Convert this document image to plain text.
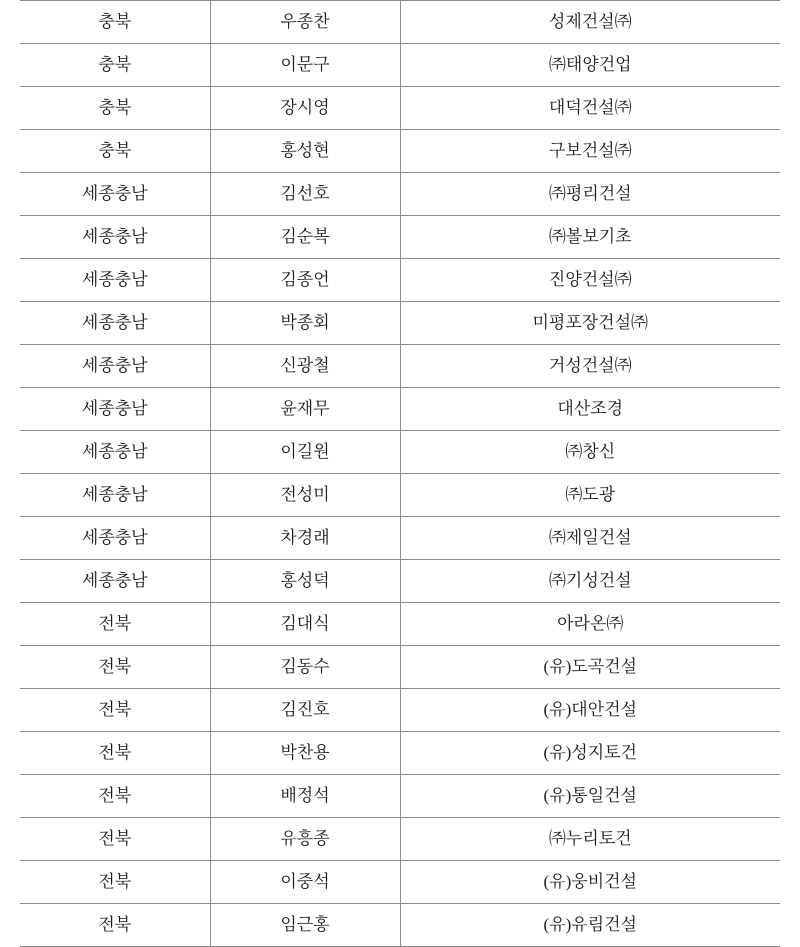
충북	우종찬	성제건설㈜
충북	이문구	㈜태양건업
충북	장시영	대덕건설㈜
충북	홍성현	구보건설㈜
세종충남	김선호	㈜평리건설
세종충남	김순복	㈜볼보기초
세종충남	김종언	진양건설㈜
세종충남	박종회	미평포장건설㈜
세종충남	신광철	거성건설㈜
세종충남	윤재무	대산조경
세종충남	이길원	㈜창신
세종충남	전성미	㈜도광
세종충남	차경래	㈜제일건설
세종충남	홍성덕	㈜기성건설
전북	김대식	아라온㈜
전북	김동수	(유)도곡건설
전북	김진호	(유)대안건설
전북	박찬용	(유)성지토건
전북	배정석	(유)통일건설
전북	유흥종	㈜누리토건
전북	이중석	(유)웅비건설
전북	임근홍	(유)유림건설
